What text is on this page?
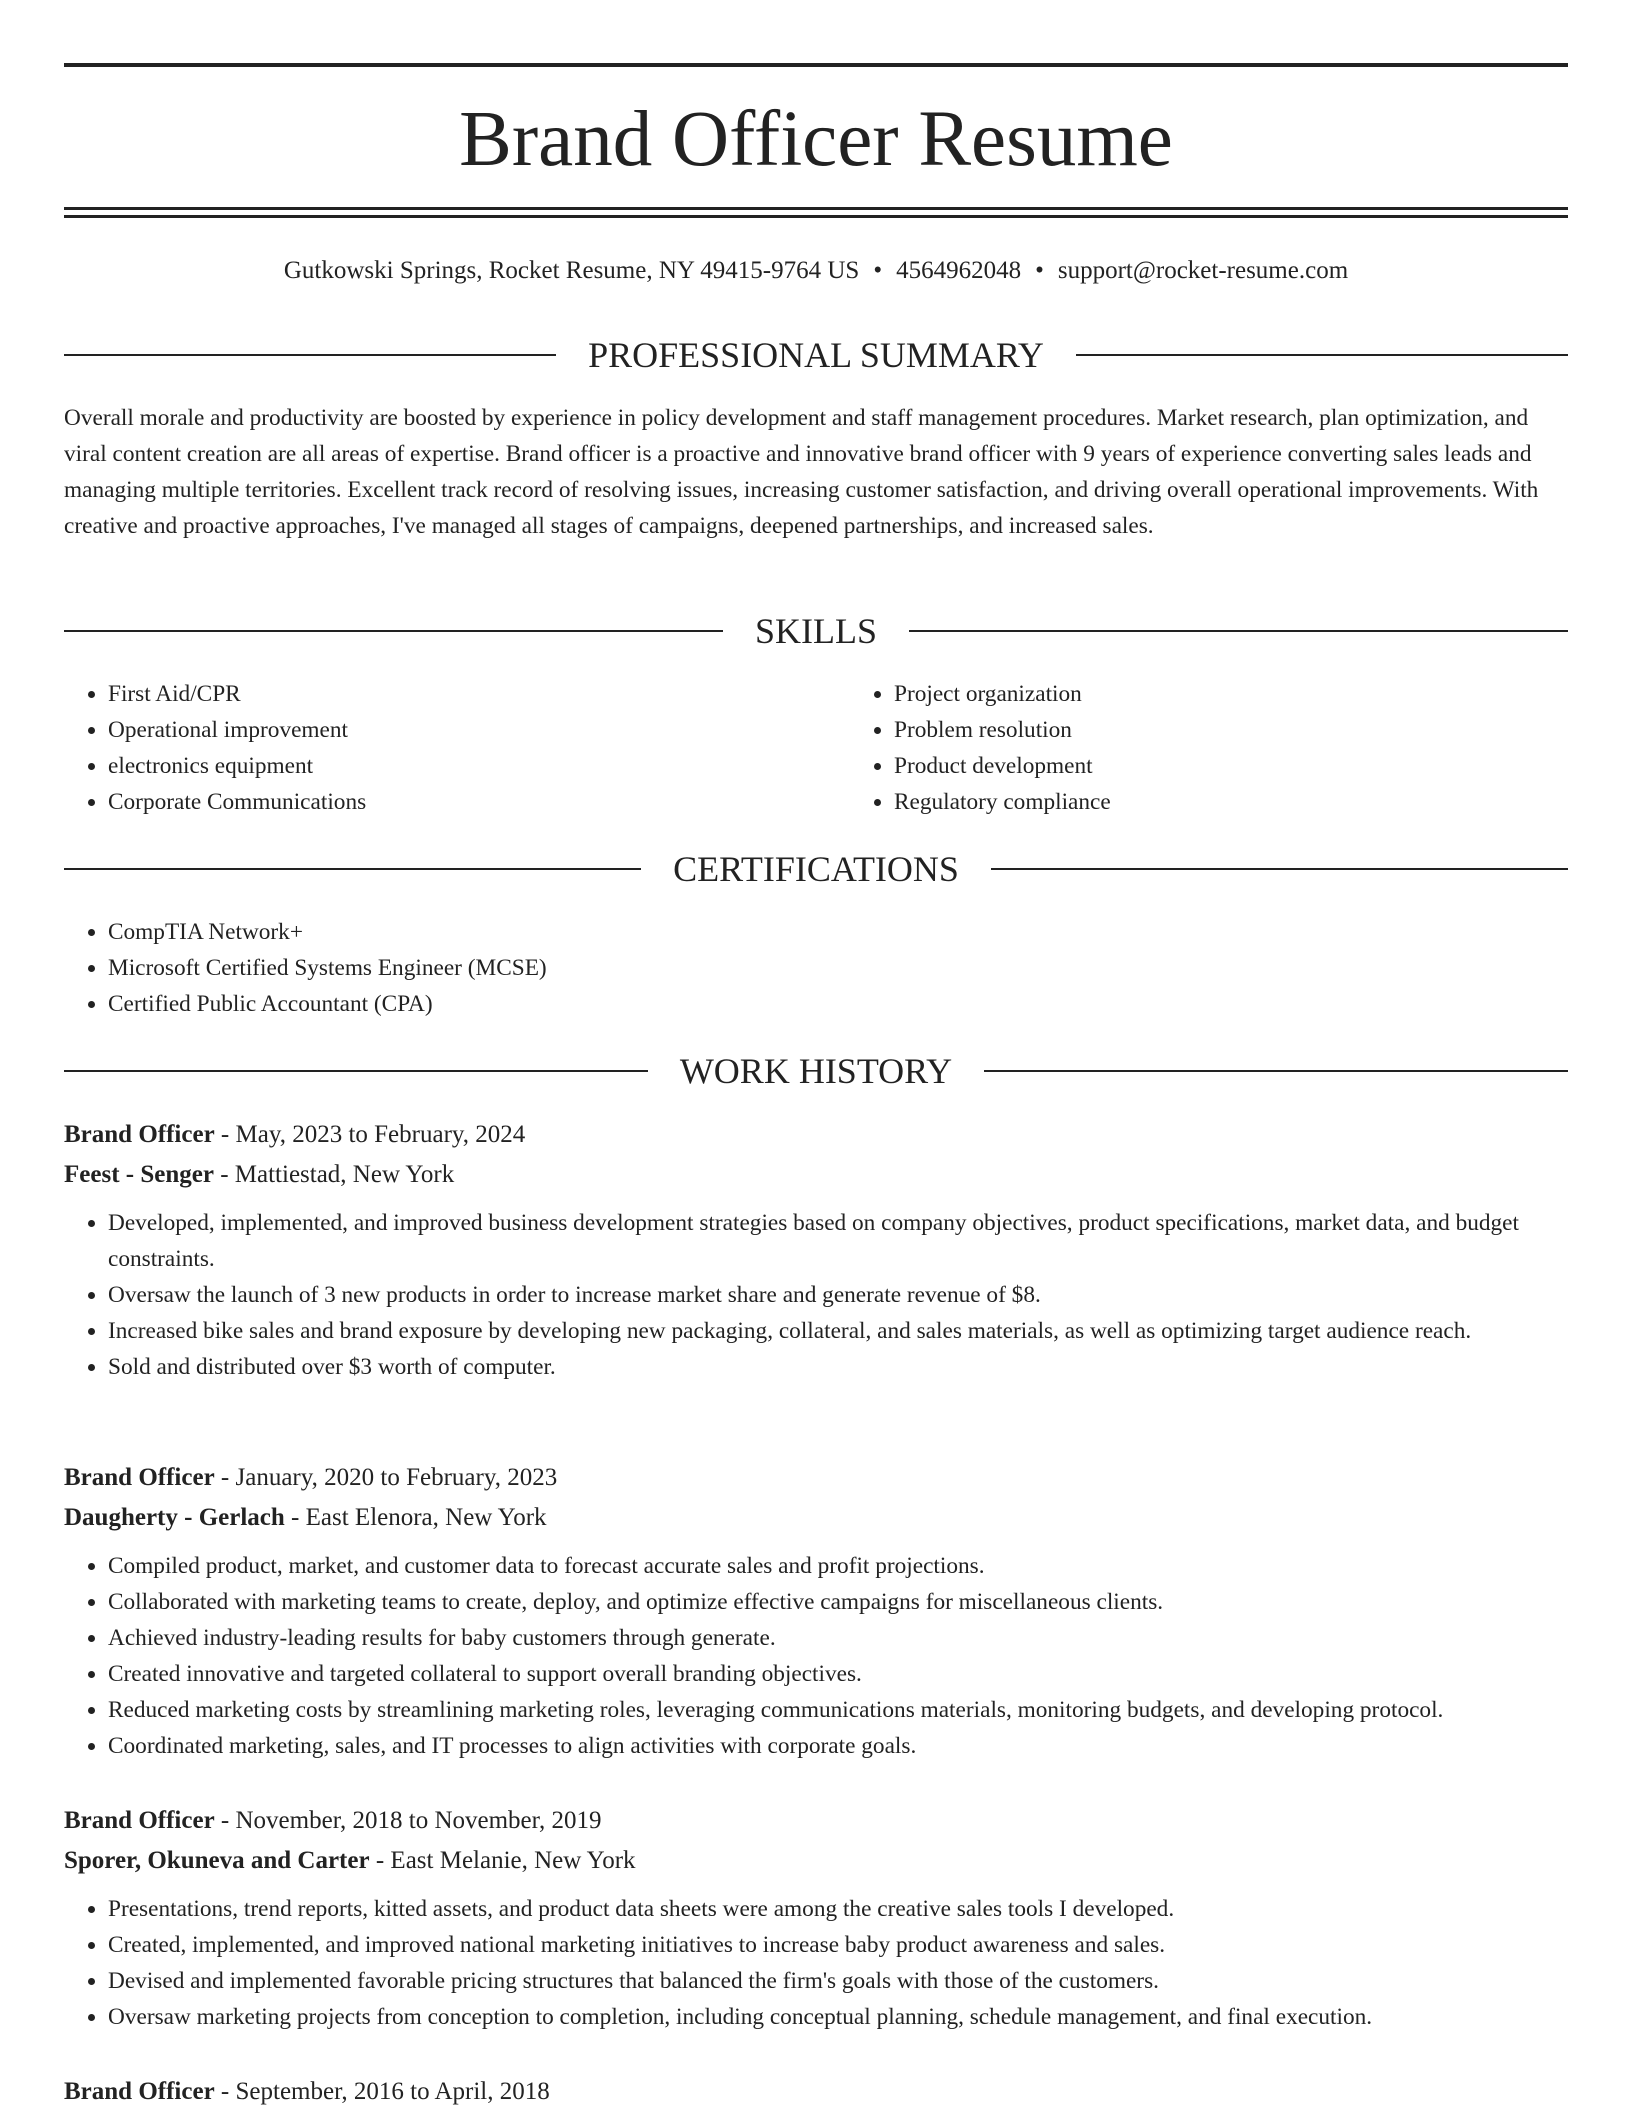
Brand Officer Resume
Gutkowski Springs, Rocket Resume, NY 49415-9764 US • 4564962048 • support@rocket-resume.com
PROFESSIONAL SUMMARY

Overall morale and productivity are boosted by experience in policy development and staff management procedures. Market research, plan optimization, and viral content creation are all areas of expertise. Brand officer is a proactive and innovative brand officer with 9 years of experience converting sales leads and managing multiple territories. Excellent track record of resolving issues, increasing customer satisfaction, and driving overall operational improvements. With creative and proactive approaches, I've managed all stages of campaigns, deepened partnerships, and increased sales.

SKILLS
• First Aid/CPR
• Operational improvement
• electronics equipment
• Corporate Communications
• Project organization
• Problem resolution
• Product development
• Regulatory compliance
CERTIFICATIONS
• CompTIA Network+
• Microsoft Certified Systems Engineer (MCSE)
• Certified Public Accountant (CPA)
WORK HISTORY
Brand Officer - May, 2023 to February, 2024
Feest - Senger - Mattiestad, New York
• Developed, implemented, and improved business development strategies based on company objectives, product specifications, market data, and budget constraints.
• Oversaw the launch of 3 new products in order to increase market share and generate revenue of $8.
• Increased bike sales and brand exposure by developing new packaging, collateral, and sales materials, as well as optimizing target audience reach.
• Sold and distributed over $3 worth of computer.
Brand Officer - January, 2020 to February, 2023
Daugherty - Gerlach - East Elenora, New York
• Compiled product, market, and customer data to forecast accurate sales and profit projections.
• Collaborated with marketing teams to create, deploy, and optimize effective campaigns for miscellaneous clients.
• Achieved industry-leading results for baby customers through generate.
• Created innovative and targeted collateral to support overall branding objectives.
• Reduced marketing costs by streamlining marketing roles, leveraging communications materials, monitoring budgets, and developing protocol.
• Coordinated marketing, sales, and IT processes to align activities with corporate goals.
Brand Officer - November, 2018 to November, 2019
Sporer, Okuneva and Carter - East Melanie, New York
• Presentations, trend reports, kitted assets, and product data sheets were among the creative sales tools I developed.
• Created, implemented, and improved national marketing initiatives to increase baby product awareness and sales.
• Devised and implemented favorable pricing structures that balanced the firm's goals with those of the customers.
• Oversaw marketing projects from conception to completion, including conceptual planning, schedule management, and final execution.
Brand Officer - September, 2016 to April, 2018
